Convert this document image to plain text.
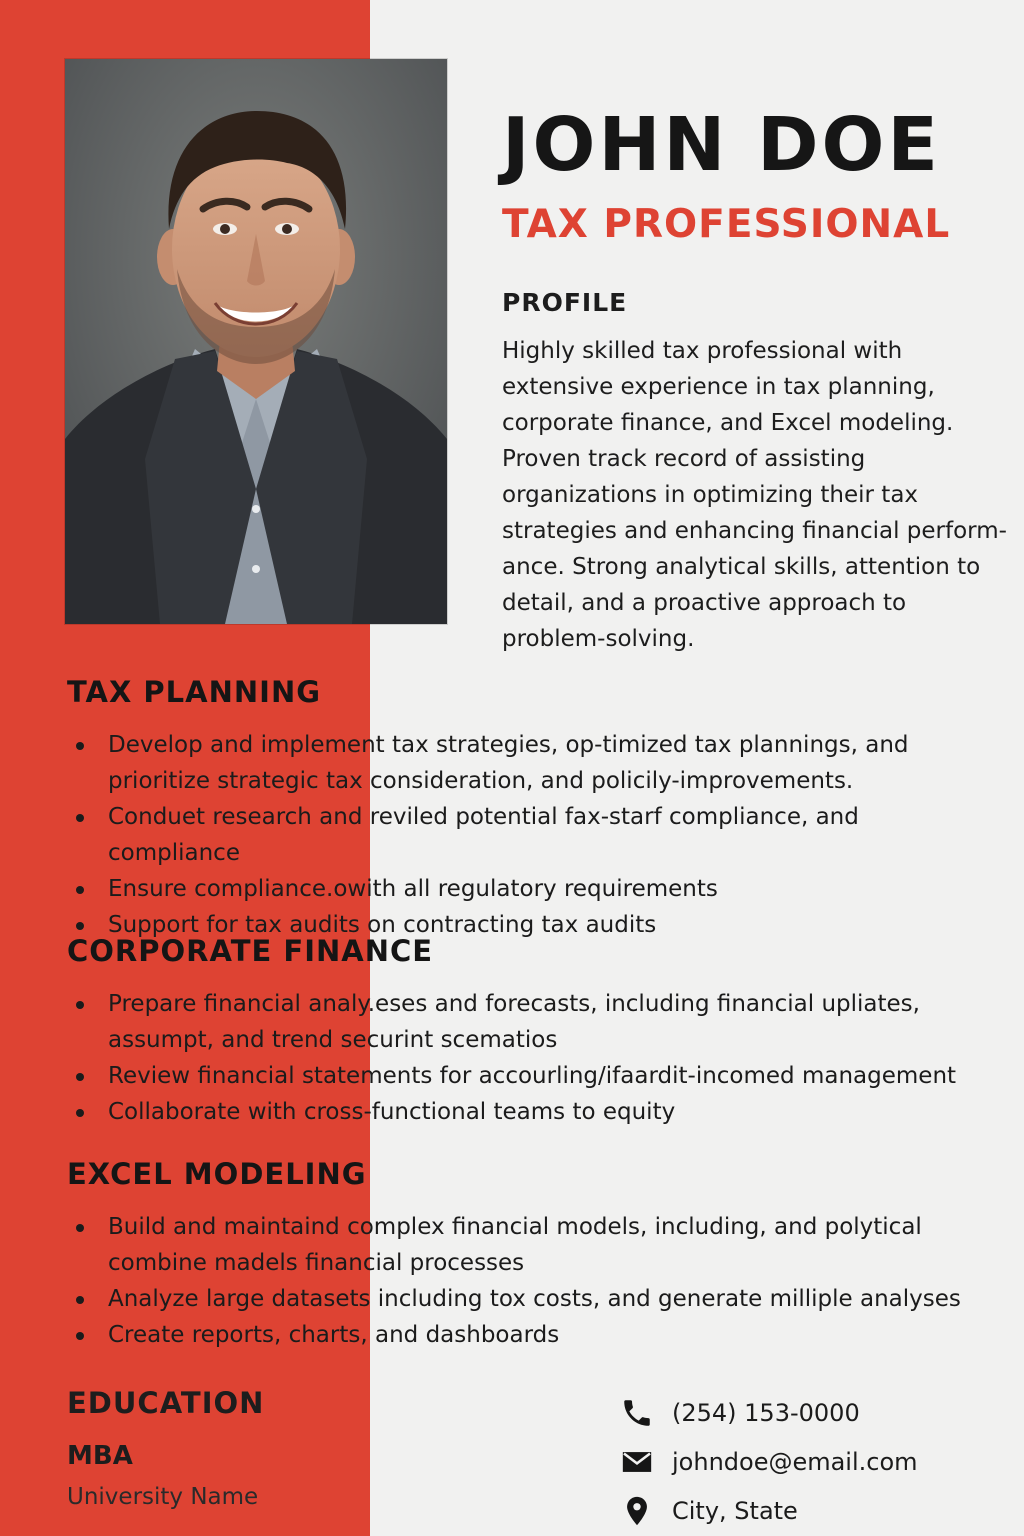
JOHN DOE
TAX PROFESSIONAL
PROFILE

Highly skilled tax professional with extensive experience in tax planning, corporate finance, and Excel modeling. Proven track record of assisting organizations in optimizing their tax strategies and enhancing financial perform-ance. Strong analytical skills, attention to detail, and a proactive approach to problem-solving.

TAX PLANNING
Develop and implement tax strategies, op-timized tax plannings, and prioritize strategic tax consideration, and policily-improvements.
Conduet research and reviled potential fax-starf compliance, and compliance
Ensure compliance.owith all regulatory requirements
Support for tax audits on contracting tax audits
CORPORATE FINANCE
Prepare financial analy.eses and forecasts, including financial upliates, assumpt, and trend securint scematios
Review financial statements for accourling/ifaardit-incomed management
Collaborate with cross-functional teams to equity
EXCEL MODELING
Build and maintaind complex financial models, including, and polytical combine madels financial processes
Analyze large datasets including tox costs, and generate milliple analyses
Create reports, charts, and dashboards
EDUCATION
MBA
University Name
(254) 153-0000
johndoe@email.com
City, State
